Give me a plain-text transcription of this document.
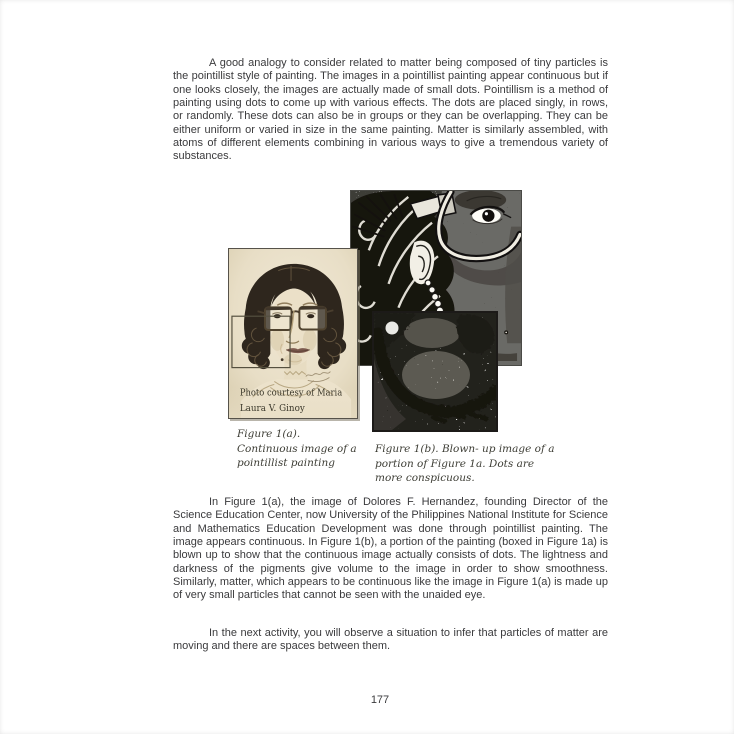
A good analogy to consider related to matter being composed of tiny particles is the pointillist style of painting. The images in a pointillist painting appear continuous but if one looks closely, the images are actually made of small dots. Pointillism is a method of painting using dots to come up with various effects. The dots are placed singly, in rows, or randomly. These dots can also be in groups or they can be overlapping. They can be either uniform or varied in size in the same painting. Matter is similarly assembled, with atoms of different elements combining in various ways to give a tremendous variety of substances.

Photo courtesy of Maria
Laura V. Ginoy
Figure 1(a). Continuous image of a pointillist painting
Figure 1(b). Blown- up image of a portion of Figure 1a. Dots are more conspicuous.

In Figure 1(a), the image of Dolores F. Hernandez, founding Director of the Science Education Center, now University of the Philippines National Institute for Science and Mathematics Education Development was done through pointillist painting. The image appears continuous. In Figure 1(b), a portion of the painting (boxed in Figure 1a) is blown up to show that the continuous image actually consists of dots. The lightness and darkness of the pigments give volume to the image in order to show smoothness. Similarly, matter, which appears to be continuous like the image in Figure 1(a) is made up of very small particles that cannot be seen with the unaided eye.

In the next activity, you will observe a situation to infer that particles of matter are moving and there are spaces between them.

177
